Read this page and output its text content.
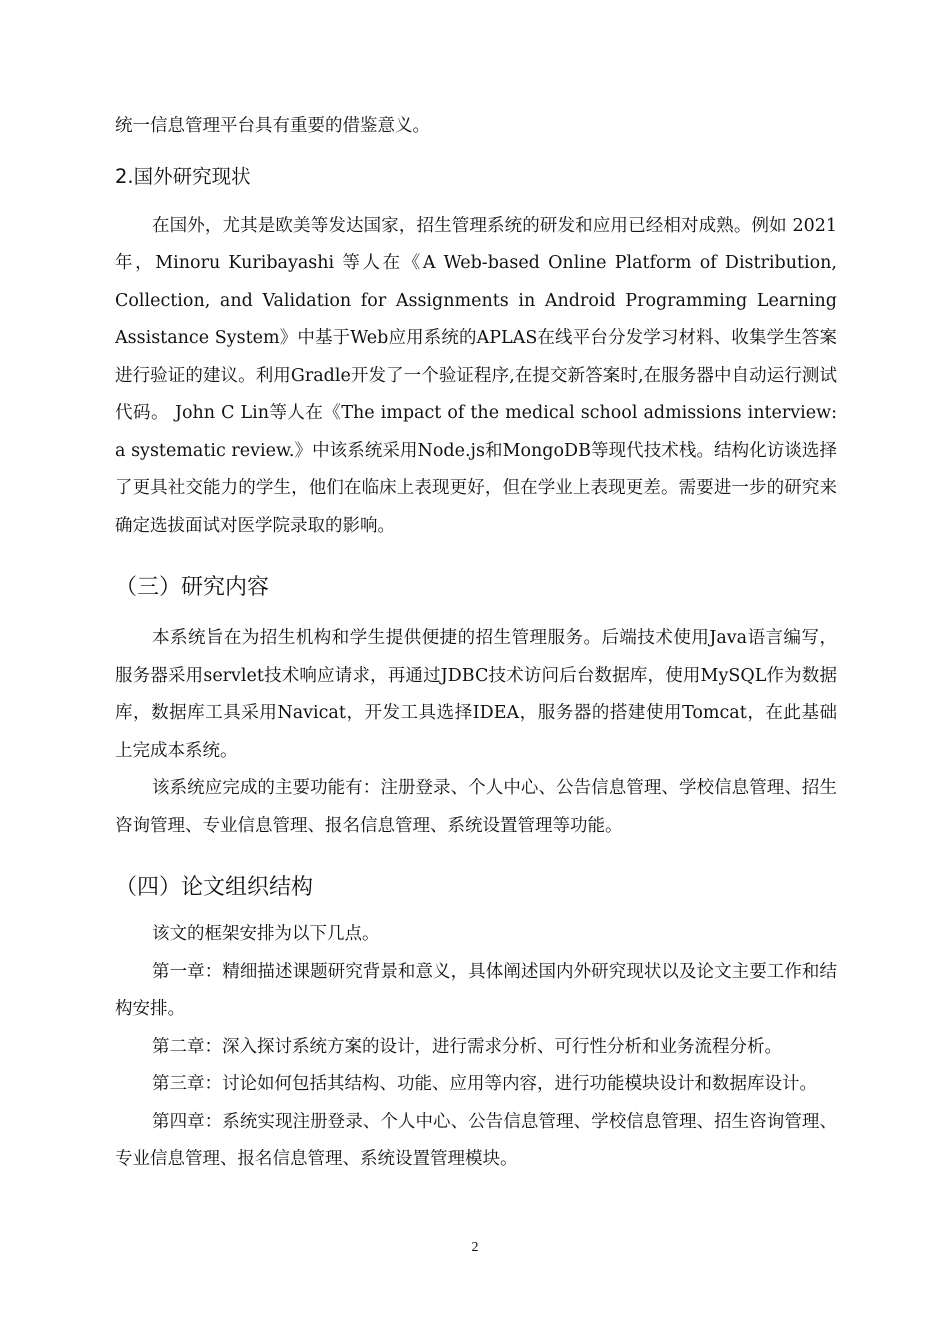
统一信息管理平台具有重要的借鉴意义。

2.国外研究现状

在国外，尤其是欧美等发达国家，招生管理系统的研发和应用已经相对成熟。例如 2021 年，Minoru Kuribayashi 等人在《A Web-based Online Platform of Distribution, Collection, and Validation for Assignments in Android Programming Learning Assistance System》中基于Web应用系统的APLAS在线平台分发学习材料、收集学生答案进行验证的建议。利用Gradle开发了一个验证程序,在提交新答案时,在服务器中自动运行测试代码。 John C Lin等人在《The impact of the medical school admissions interview: a systematic review.》中该系统采用Node.js和MongoDB等现代技术栈。结构化访谈选择了更具社交能力的学生，他们在临床上表现更好，但在学业上表现更差。需要进一步的研究来确定选拔面试对医学院录取的影响。

（三）研究内容

本系统旨在为招生机构和学生提供便捷的招生管理服务。后端技术使用Java语言编写，服务器采用servlet技术响应请求，再通过JDBC技术访问后台数据库，使用MySQL作为数据库，数据库工具采用Navicat，开发工具选择IDEA，服务器的搭建使用Tomcat，在此基础上完成本系统。

该系统应完成的主要功能有：注册登录、个人中心、公告信息管理、学校信息管理、招生咨询管理、专业信息管理、报名信息管理、系统设置管理等功能。

（四）论文组织结构

该文的框架安排为以下几点。

第一章：精细描述课题研究背景和意义，具体阐述国内外研究现状以及论文主要工作和结构安排。

第二章：深入探讨系统方案的设计，进行需求分析、可行性分析和业务流程分析。

第三章：讨论如何包括其结构、功能、应用等内容，进行功能模块设计和数据库设计。

第四章：系统实现注册登录、个人中心、公告信息管理、学校信息管理、招生咨询管理、专业信息管理、报名信息管理、系统设置管理模块。

2
